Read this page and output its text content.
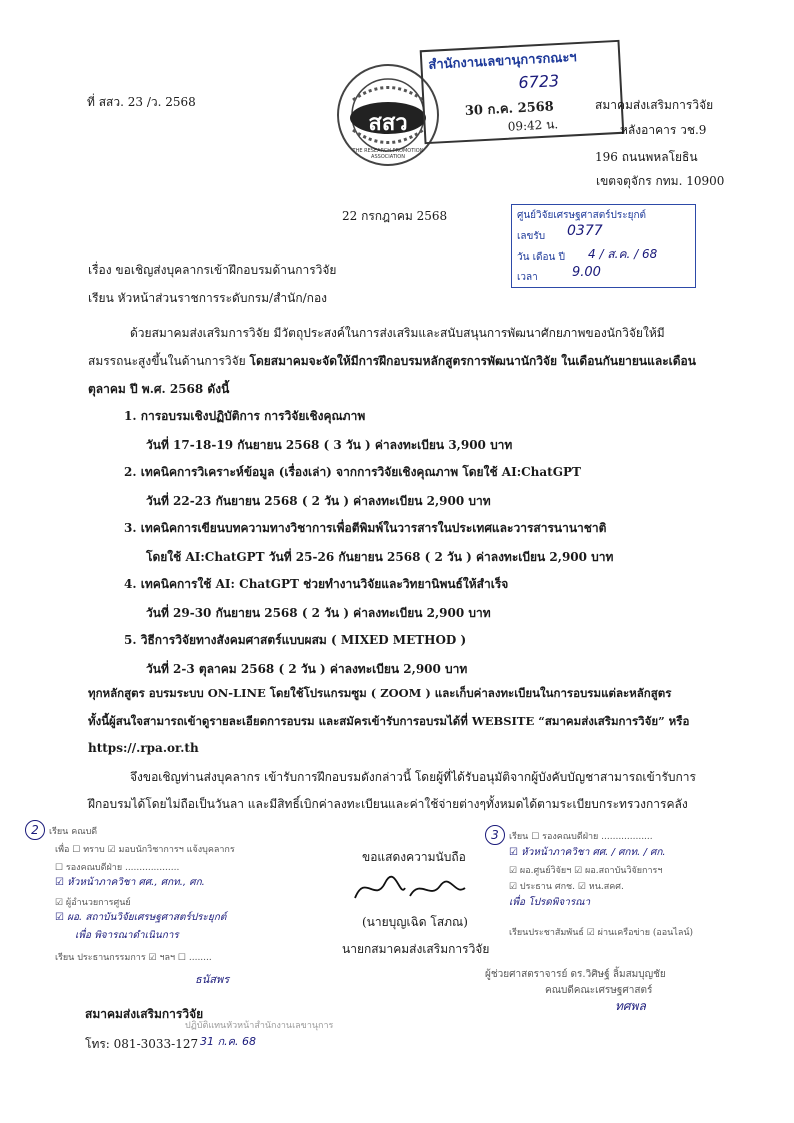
ที่ สสว. 23 /ว. 2568
สสว
THE RESEARCH PROMOTION ASSOCIATION
สำนักงานเลขานุการกณะฯ
6723
30 ก.ค. 2568
09:42 น.
สมาคมส่งเสริมการวิจัย
หลังอาคาร วช.9
196 ถนนพหลโยธิน
เขตจตุจักร กทม. 10900
22 กรกฎาคม 2568	ศูนย์วิจัยเศรษฐศาสตร์ประยุกต์
เลขรับ 0377
วัน เดือน ปี 4 / ส.ค. / 68
เวลา	9.00
เรื่อง ขอเชิญส่งบุคลากรเข้าฝึกอบรมด้านการวิจัย
เรียน หัวหน้าส่วนราชการระดับกรม/สำนัก/กอง
ด้วยสมาคมส่งเสริมการวิจัย มีวัตถุประสงค์ในการส่งเสริมและสนับสนุนการพัฒนาศักยภาพของนักวิจัยให้มี
สมรรถนะสูงขึ้นในด้านการวิจัย โดยสมาคมจะจัดให้มีการฝึกอบรมหลักสูตรการพัฒนานักวิจัย ในเดือนกันยายนและเดือน
ตุลาคม ปี พ.ศ. 2568 ดังนี้
1. การอบรมเชิงปฏิบัติการ การวิจัยเชิงคุณภาพ
วันที่ 17-18-19 กันยายน 2568 ( 3 วัน ) ค่าลงทะเบียน 3,900 บาท
2. เทคนิคการวิเคราะห์ข้อมูล (เรื่องเล่า) จากการวิจัยเชิงคุณภาพ โดยใช้ AI:ChatGPT
วันที่ 22-23 กันยายน 2568 ( 2 วัน ) ค่าลงทะเบียน 2,900 บาท
3. เทคนิคการเขียนบทความทางวิชาการเพื่อตีพิมพ์ในวารสารในประเทศและวารสารนานาชาติ
โดยใช้ AI:ChatGPT วันที่ 25-26 กันยายน 2568 ( 2 วัน ) ค่าลงทะเบียน 2,900 บาท
4. เทคนิคการใช้ AI: ChatGPT ช่วยทำงานวิจัยและวิทยานิพนธ์ให้สำเร็จ
วันที่ 29-30 กันยายน 2568 ( 2 วัน ) ค่าลงทะเบียน 2,900 บาท
5. วิธีการวิจัยทางสังคมศาสตร์แบบผสม ( MIXED METHOD )
วันที่ 2-3 ตุลาคม 2568 ( 2 วัน ) ค่าลงทะเบียน 2,900 บาท
ทุกหลักสูตร อบรมระบบ ON-LINE โดยใช้โปรแกรมซูม ( ZOOM ) และเก็บค่าลงทะเบียนในการอบรมแต่ละหลักสูตร
ทั้งนี้ผู้สนใจสามารถเข้าดูรายละเอียดการอบรม และสมัครเข้ารับการอบรมได้ที่ WEBSITE “สมาคมส่งเสริมการวิจัย” หรือ
https://.rpa.or.th
จึงขอเชิญท่านส่งบุคลากร เข้ารับการฝึกอบรมดังกล่าวนี้ โดยผู้ที่ได้รับอนุมัติจากผู้บังคับบัญชาสามารถเข้ารับการ
ฝึกอบรมได้โดยไม่ถือเป็นวันลา และมีสิทธิ์เบิกค่าลงทะเบียนและค่าใช้จ่ายต่างๆทั้งหมดได้ตามระเบียบกระทรวงการคลัง
2	เรียน คณบดี
เพื่อ ☐ ทราบ ☑ มอบนักวิชาการฯ แจ้งบุคลากร
☐ รองคณบดีฝ่าย ...................
☑ หัวหน้าภาควิชา ศศ., ศกท., ศก.
☑ ผู้อำนวยการศูนย์
☑ ผอ. สถาบันวิจัยเศรษฐศาสตร์ประยุกต์
เพื่อ พิจารณาดำเนินการ
เรียน ประธานกรรมการ ☑ ฯลฯ ☐ ........
ธนัสพร
ขอแสดงความนับถือ
(นายบุญเฉิด โสภณ)
นายกสมาคมส่งเสริมการวิจัย
3	เรียน ☐ รองคณบดีฝ่าย ..................
☑ หัวหน้าภาควิชา ศศ. / ศกท. / ศก.
☑ ผอ.ศูนย์วิจัยฯ ☑ ผอ.สถาบันวิจัยการฯ
☑ ประธาน ศกช. ☑ หน.สคศ.
เพื่อ โปรดพิจารณา
เรียนประชาสัมพันธ์ ☑ ผ่านเครือข่าย (ออนไลน์)
ผู้ช่วยศาสตราจารย์ ดร.วิศิษฐ์ ลิ้มสมบุญชัย
คณบดีคณะเศรษฐศาสตร์
ทศพล
สมาคมส่งเสริมการวิจัย
ปฏิบัติแทนหัวหน้าสำนักงานเลขานุการ
31 ก.ค. 68
โทร: 081-3033-127
